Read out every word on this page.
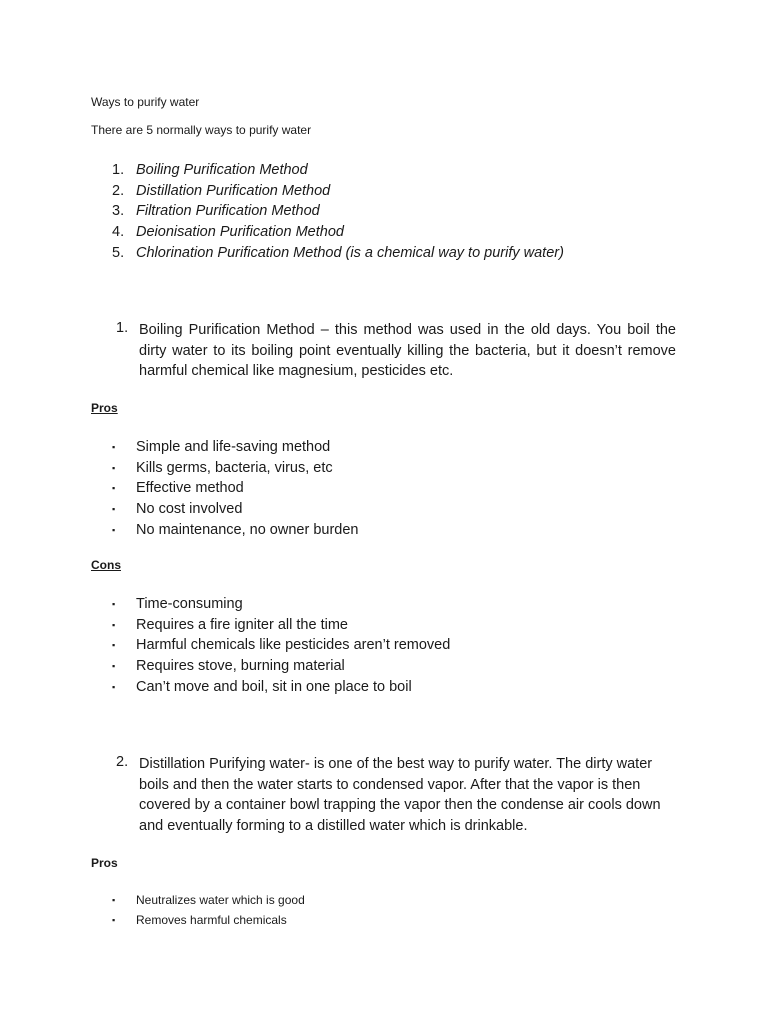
Ways to purify water
There are 5 normally ways to purify water
1. Boiling Purification Method
2. Distillation Purification Method
3. Filtration Purification Method
4. Deionisation Purification Method
5. Chlorination Purification Method (is a chemical way to purify water)
1. Boiling Purification Method – this method was used in the old days. You boil the dirty water to its boiling point eventually killing the bacteria, but it doesn’t remove harmful chemical like magnesium, pesticides etc.
Pros
▪ Simple and life-saving method
▪ Kills germs, bacteria, virus, etc
▪ Effective method
▪ No cost involved
▪ No maintenance, no owner burden
Cons
▪ Time-consuming
▪ Requires a fire igniter all the time
▪ Harmful chemicals like pesticides aren’t removed
▪ Requires stove, burning material
▪ Can’t move and boil, sit in one place to boil
2. Distillation Purifying water- is one of the best way to purify water. The dirty water boils and then the water starts to condensed vapor. After that the vapor is then covered by a container bowl trapping the vapor then the condense air cools down and eventually forming to a distilled water which is drinkable.
Pros
▪ Neutralizes water which is good
▪ Removes harmful chemicals
